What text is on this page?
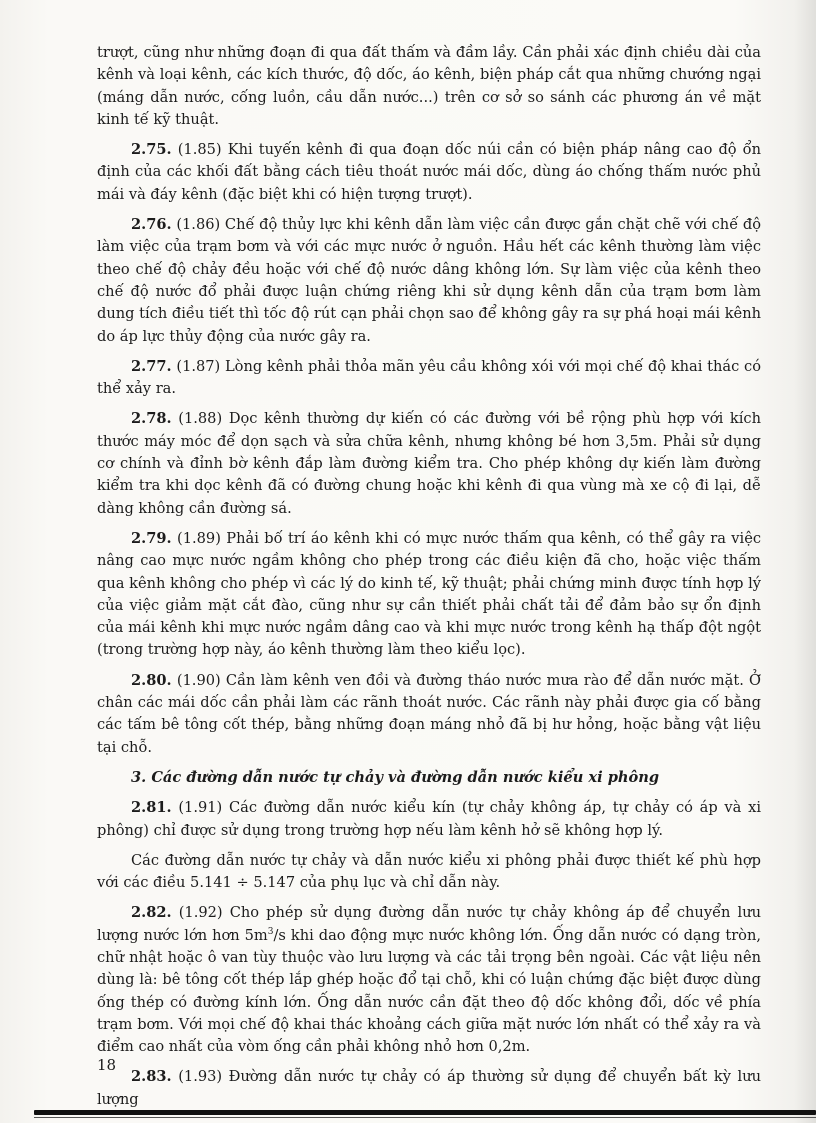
trượt, cũng như những đoạn đi qua đất thấm và đầm lầy. Cần phải xác định chiều dài của kênh và loại kênh, các kích thước, độ dốc, áo kênh, biện pháp cắt qua những chướng ngại (máng dẫn nước, cống luồn, cầu dẫn nước...) trên cơ sở so sánh các phương án về mặt kinh tế kỹ thuật.

2.75. (1.85) Khi tuyến kênh đi qua đoạn dốc núi cần có biện pháp nâng cao độ ổn định của các khối đất bằng cách tiêu thoát nước mái dốc, dùng áo chống thấm nước phủ mái và đáy kênh (đặc biệt khi có hiện tượng trượt).

2.76. (1.86) Chế độ thủy lực khi kênh dẫn làm việc cần được gắn chặt chẽ với chế độ làm việc của trạm bơm và với các mực nước ở nguồn. Hầu hết các kênh thường làm việc theo chế độ chảy đều hoặc với chế độ nước dâng không lớn. Sự làm việc của kênh theo chế độ nước đổ phải được luận chứng riêng khi sử dụng kênh dẫn của trạm bơm làm dung tích điều tiết thì tốc độ rút cạn phải chọn sao để không gây ra sự phá hoại mái kênh do áp lực thủy động của nước gây ra.

2.77. (1.87) Lòng kênh phải thỏa mãn yêu cầu không xói với mọi chế độ khai thác có thể xảy ra.

2.78. (1.88) Dọc kênh thường dự kiến có các đường với bề rộng phù hợp với kích thước máy móc để dọn sạch và sửa chữa kênh, nhưng không bé hơn 3,5m. Phải sử dụng cơ chính và đỉnh bờ kênh đắp làm đường kiểm tra. Cho phép không dự kiến làm đường kiểm tra khi dọc kênh đã có đường chung hoặc khi kênh đi qua vùng mà xe cộ đi lại, dễ dàng không cần đường sá.

2.79. (1.89) Phải bố trí áo kênh khi có mực nước thấm qua kênh, có thể gây ra việc nâng cao mực nước ngầm không cho phép trong các điều kiện đã cho, hoặc việc thấm qua kênh không cho phép vì các lý do kinh tế, kỹ thuật; phải chứng minh được tính hợp lý của việc giảm mặt cắt đào, cũng như sự cần thiết phải chất tải để đảm bảo sự ổn định của mái kênh khi mực nước ngầm dâng cao và khi mực nước trong kênh hạ thấp đột ngột (trong trường hợp này, áo kênh thường làm theo kiểu lọc).

2.80. (1.90) Cần làm kênh ven đồi và đường tháo nước mưa rào để dẫn nước mặt. Ở chân các mái dốc cần phải làm các rãnh thoát nước. Các rãnh này phải được gia cố bằng các tấm bê tông cốt thép, bằng những đoạn máng nhỏ đã bị hư hỏng, hoặc bằng vật liệu tại chỗ.

3. Các đường dẫn nước tự chảy và đường dẫn nước kiểu xi phông

2.81. (1.91) Các đường dẫn nước kiểu kín (tự chảy không áp, tự chảy có áp và xi phông) chỉ được sử dụng trong trường hợp nếu làm kênh hở sẽ không hợp lý.

Các đường dẫn nước tự chảy và dẫn nước kiểu xi phông phải được thiết kế phù hợp với các điều 5.141 ÷ 5.147 của phụ lục và chỉ dẫn này.

2.82. (1.92) Cho phép sử dụng đường dẫn nước tự chảy không áp để chuyển lưu lượng nước lớn hơn $5m^3/s$ khi dao động mực nước không lớn. Ống dẫn nước có dạng tròn, chữ nhật hoặc ô van tùy thuộc vào lưu lượng và các tải trọng bên ngoài. Các vật liệu nên dùng là: bê tông cốt thép lắp ghép hoặc đổ tại chỗ, khi có luận chứng đặc biệt được dùng ống thép có đường kính lớn. Ống dẫn nước cần đặt theo độ dốc không đổi, dốc về phía trạm bơm. Với mọi chế độ khai thác khoảng cách giữa mặt nước lớn nhất có thể xảy ra và điểm cao nhất của vòm ống cần phải không nhỏ hơn 0,2m.

2.83. (1.93) Đường dẫn nước tự chảy có áp thường sử dụng để chuyển bất kỳ lưu lượng

18
